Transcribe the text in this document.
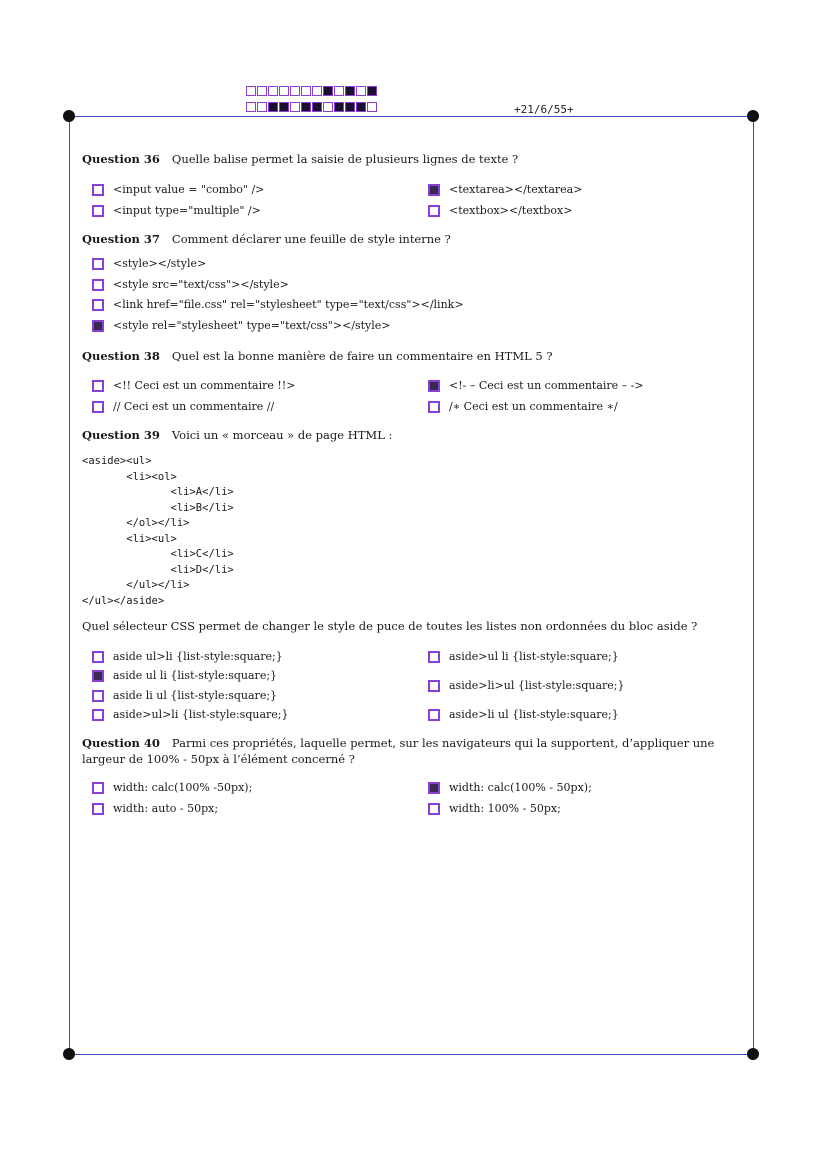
+21/6/55+
Question 36 Quelle balise permet la saisie de plusieurs lignes de texte ?
<input value = "combo" />	<textarea></textarea>
<input type="multiple" />	<textbox></textbox>
Question 37 Comment déclarer une feuille de style interne ?
<style></style>
<style src="text/css"></style>
<link href="file.css" rel="stylesheet" type="text/css"></link>
<style rel="stylesheet" type="text/css"></style>
Question 38 Quel est la bonne manière de faire un commentaire en HTML 5 ?
<!! Ceci est un commentaire !!>	<!- – Ceci est un commentaire – ->
// Ceci est un commentaire //	/∗ Ceci est un commentaire ∗/
Question 39 Voici un « morceau » de page HTML :
<aside><ul>
	<li><ol>
		<li>A</li>
		<li>B</li>
	</ol></li>
	<li><ul>
		<li>C</li>
		<li>D</li>
	</ul></li>
</ul></aside>
Quel sélecteur CSS permet de changer le style de puce de toutes les listes non ordonnées du bloc aside ?
aside ul>li {list-style:square;}	aside>ul li {list-style:square;}
aside ul li {list-style:square;}
aside>li>ul {list-style:square;}
aside li ul {list-style:square;}
aside>ul>li {list-style:square;}	aside>li ul {list-style:square;}
Question 40 Parmi ces propriétés, laquelle permet, sur les navigateurs qui la supportent, d’appliquer une largeur de 100% - 50px à l’élément concerné ?
width: calc(100% -50px);	width: calc(100% - 50px);
width: auto - 50px;	width: 100% - 50px;
